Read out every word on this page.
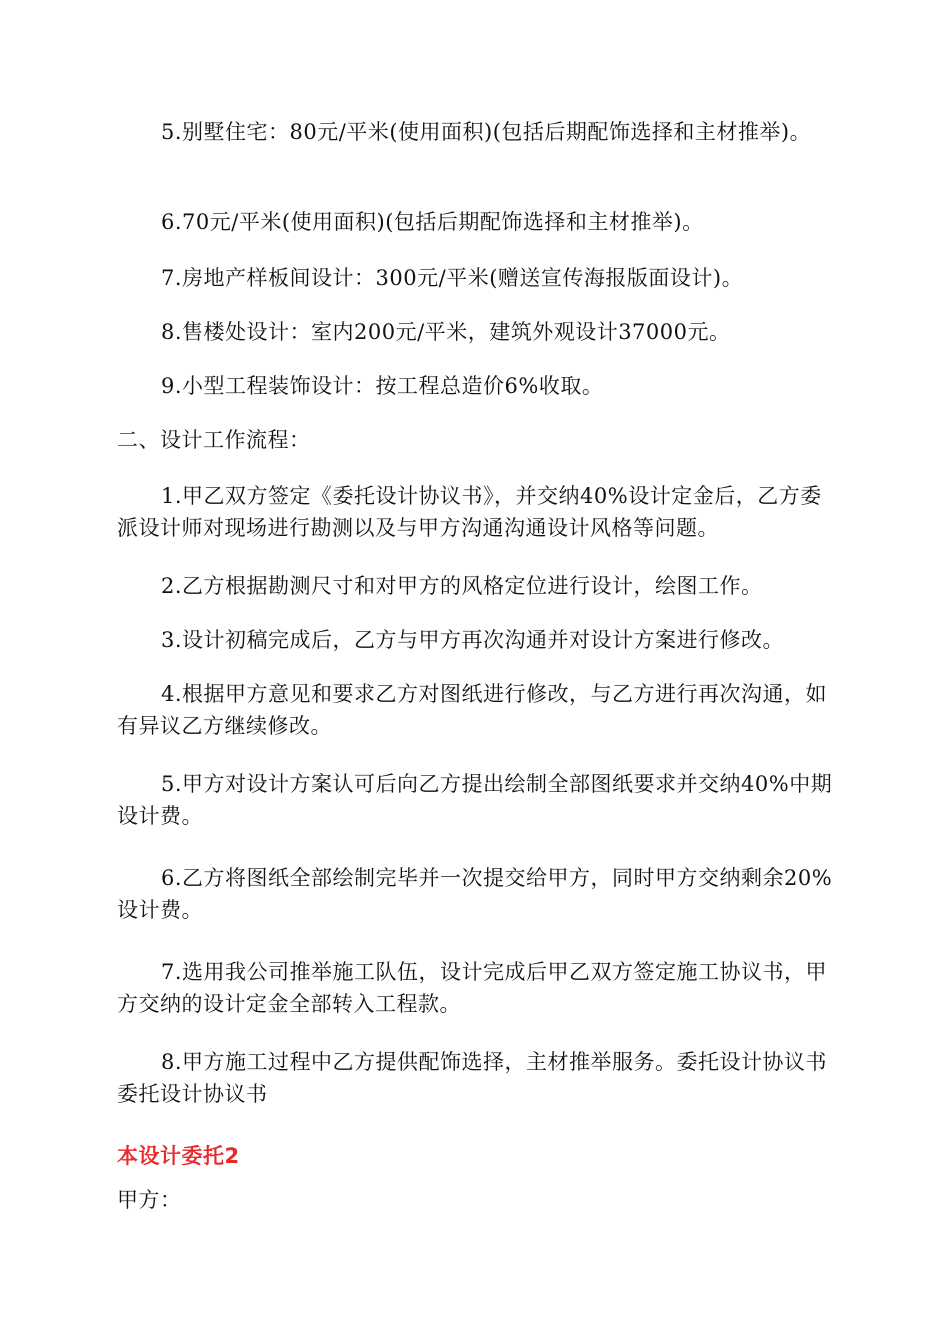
5.别墅住宅：80元/平米(使用面积)(包括后期配饰选择和主材推举)。

6.70元/平米(使用面积)(包括后期配饰选择和主材推举)。

7.房地产样板间设计：300元/平米(赠送宣传海报版面设计)。

8.售楼处设计：室内200元/平米，建筑外观设计37000元。

9.小型工程装饰设计：按工程总造价6%收取。

二、设计工作流程：

1.甲乙双方签定《委托设计协议书》，并交纳40%设计定金后，乙方委派设计师对现场进行勘测以及与甲方沟通沟通设计风格等问题。

2.乙方根据勘测尺寸和对甲方的风格定位进行设计，绘图工作。

3.设计初稿完成后，乙方与甲方再次沟通并对设计方案进行修改。

4.根据甲方意见和要求乙方对图纸进行修改，与乙方进行再次沟通，如有异议乙方继续修改。

5.甲方对设计方案认可后向乙方提出绘制全部图纸要求并交纳40%中期设计费。

6.乙方将图纸全部绘制完毕并一次提交给甲方，同时甲方交纳剩余20%设计费。

7.选用我公司推举施工队伍，设计完成后甲乙双方签定施工协议书，甲方交纳的设计定金全部转入工程款。

8.甲方施工过程中乙方提供配饰选择，主材推举服务。委托设计协议书委托设计协议书

本设计委托2

甲方：
